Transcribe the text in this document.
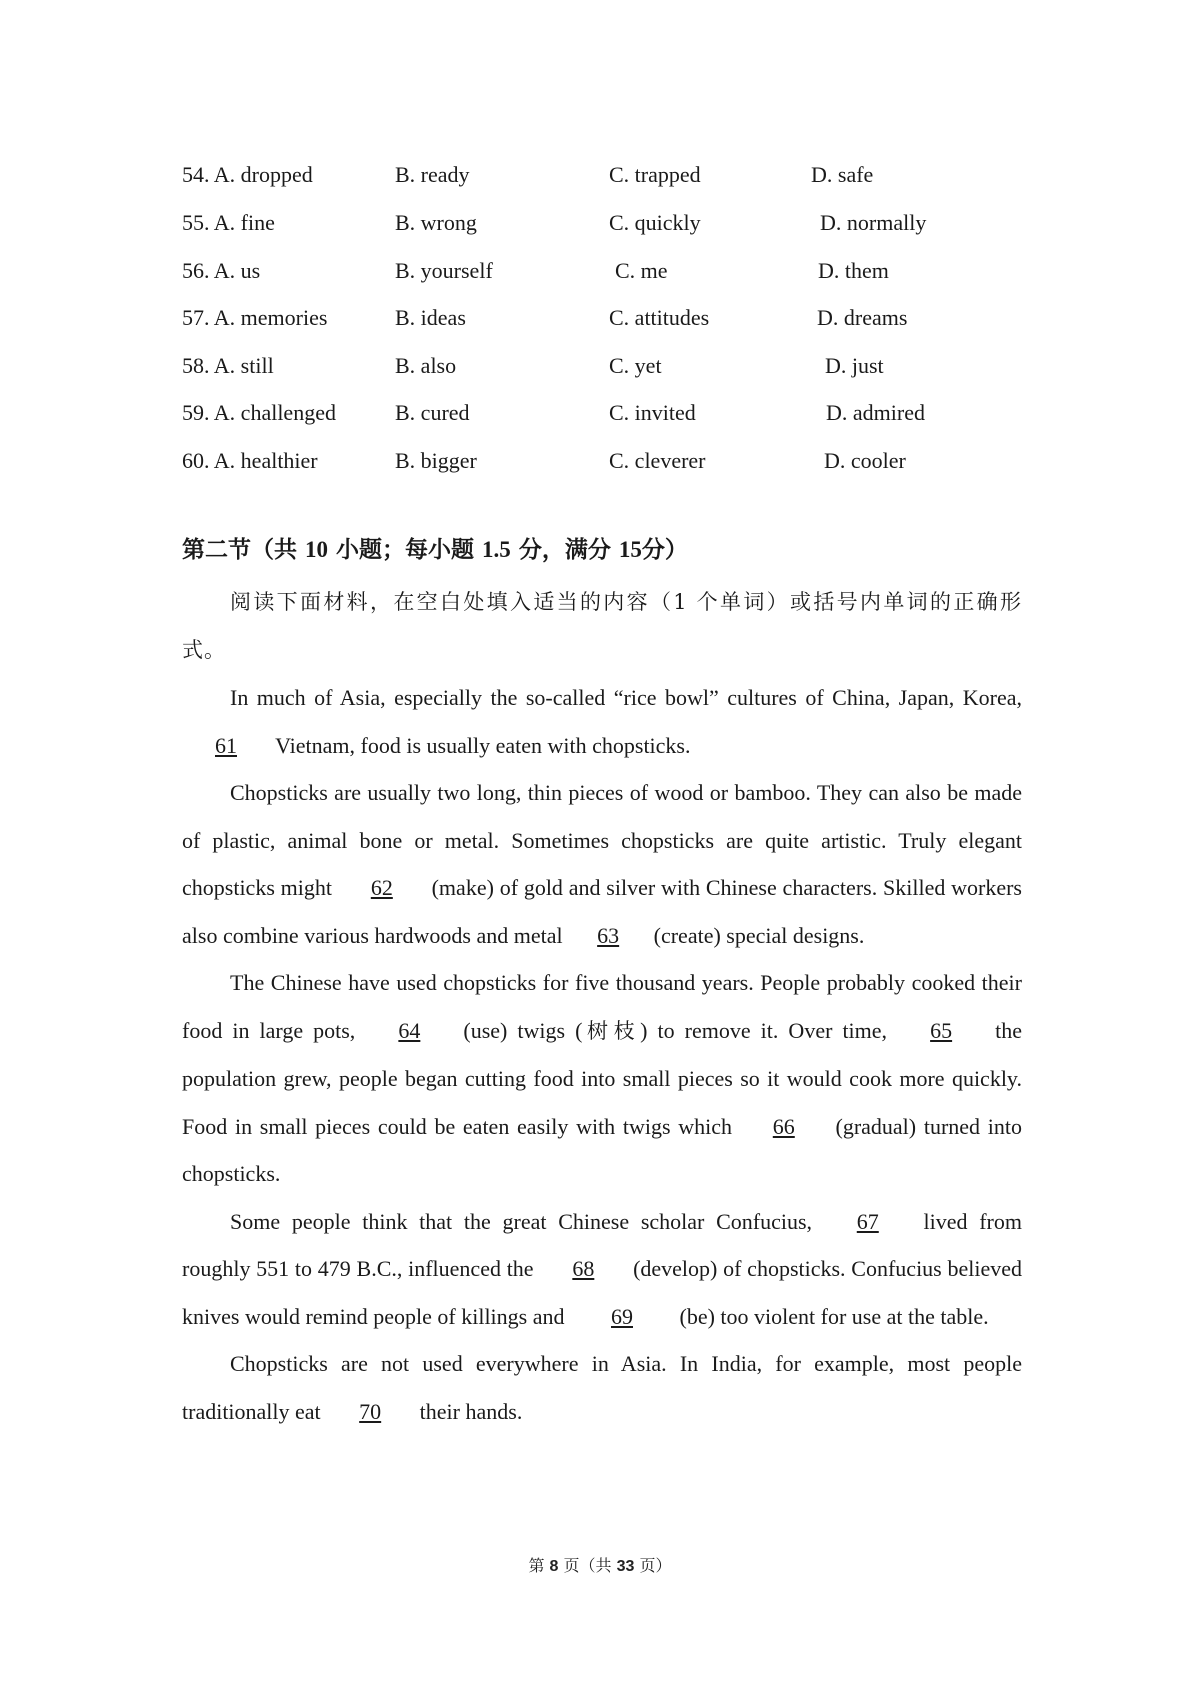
54. A. dropped	B. ready	C. trapped	D. safe
55. A. fine	B. wrong	C. quickly	D. normally
56. A. us	B. yourself	C. me	D. them
57. A. memories	B. ideas	C. attitudes	D. dreams
58. A. still	B. also	C. yet	D. just
59. A. challenged	B. cured	C. invited	D. admired
60. A. healthier	B. bigger	C. cleverer	D. cooler
第二节（共 10 小题；每小题 1.5 分，满分 15分）

阅读下面材料，在空白处填入适当的内容（1 个单词）或括号内单词的正确形式。

In much of Asia, especially the so-called “rice bowl” cultures of China, Japan, Korea, 61 Vietnam, food is usually eaten with chopsticks.

Chopsticks are usually two long, thin pieces of wood or bamboo. They can also be made of plastic, animal bone or metal. Sometimes chopsticks are quite artistic. Truly elegant chopsticks might 62 (make) of gold and silver with Chinese characters. Skilled workers also combine various hardwoods and metal 63 (create) special designs.

The Chinese have used chopsticks for five thousand years. People probably cooked their food in large pots, 64 (use) twigs (树枝) to remove it. Over time, 65 the population grew, people began cutting food into small pieces so it would cook more quickly. Food in small pieces could be eaten easily with twigs which 66 (gradual) turned into chopsticks.

Some people think that the great Chinese scholar Confucius, 67 lived from roughly 551 to 479 B.C., influenced the 68 (develop) of chopsticks. Confucius believed knives would remind people of killings and 69 (be) too violent for use at the table.

Chopsticks are not used everywhere in Asia. In India, for example, most people traditionally eat 70 their hands.

第 8 页（共 33 页）
